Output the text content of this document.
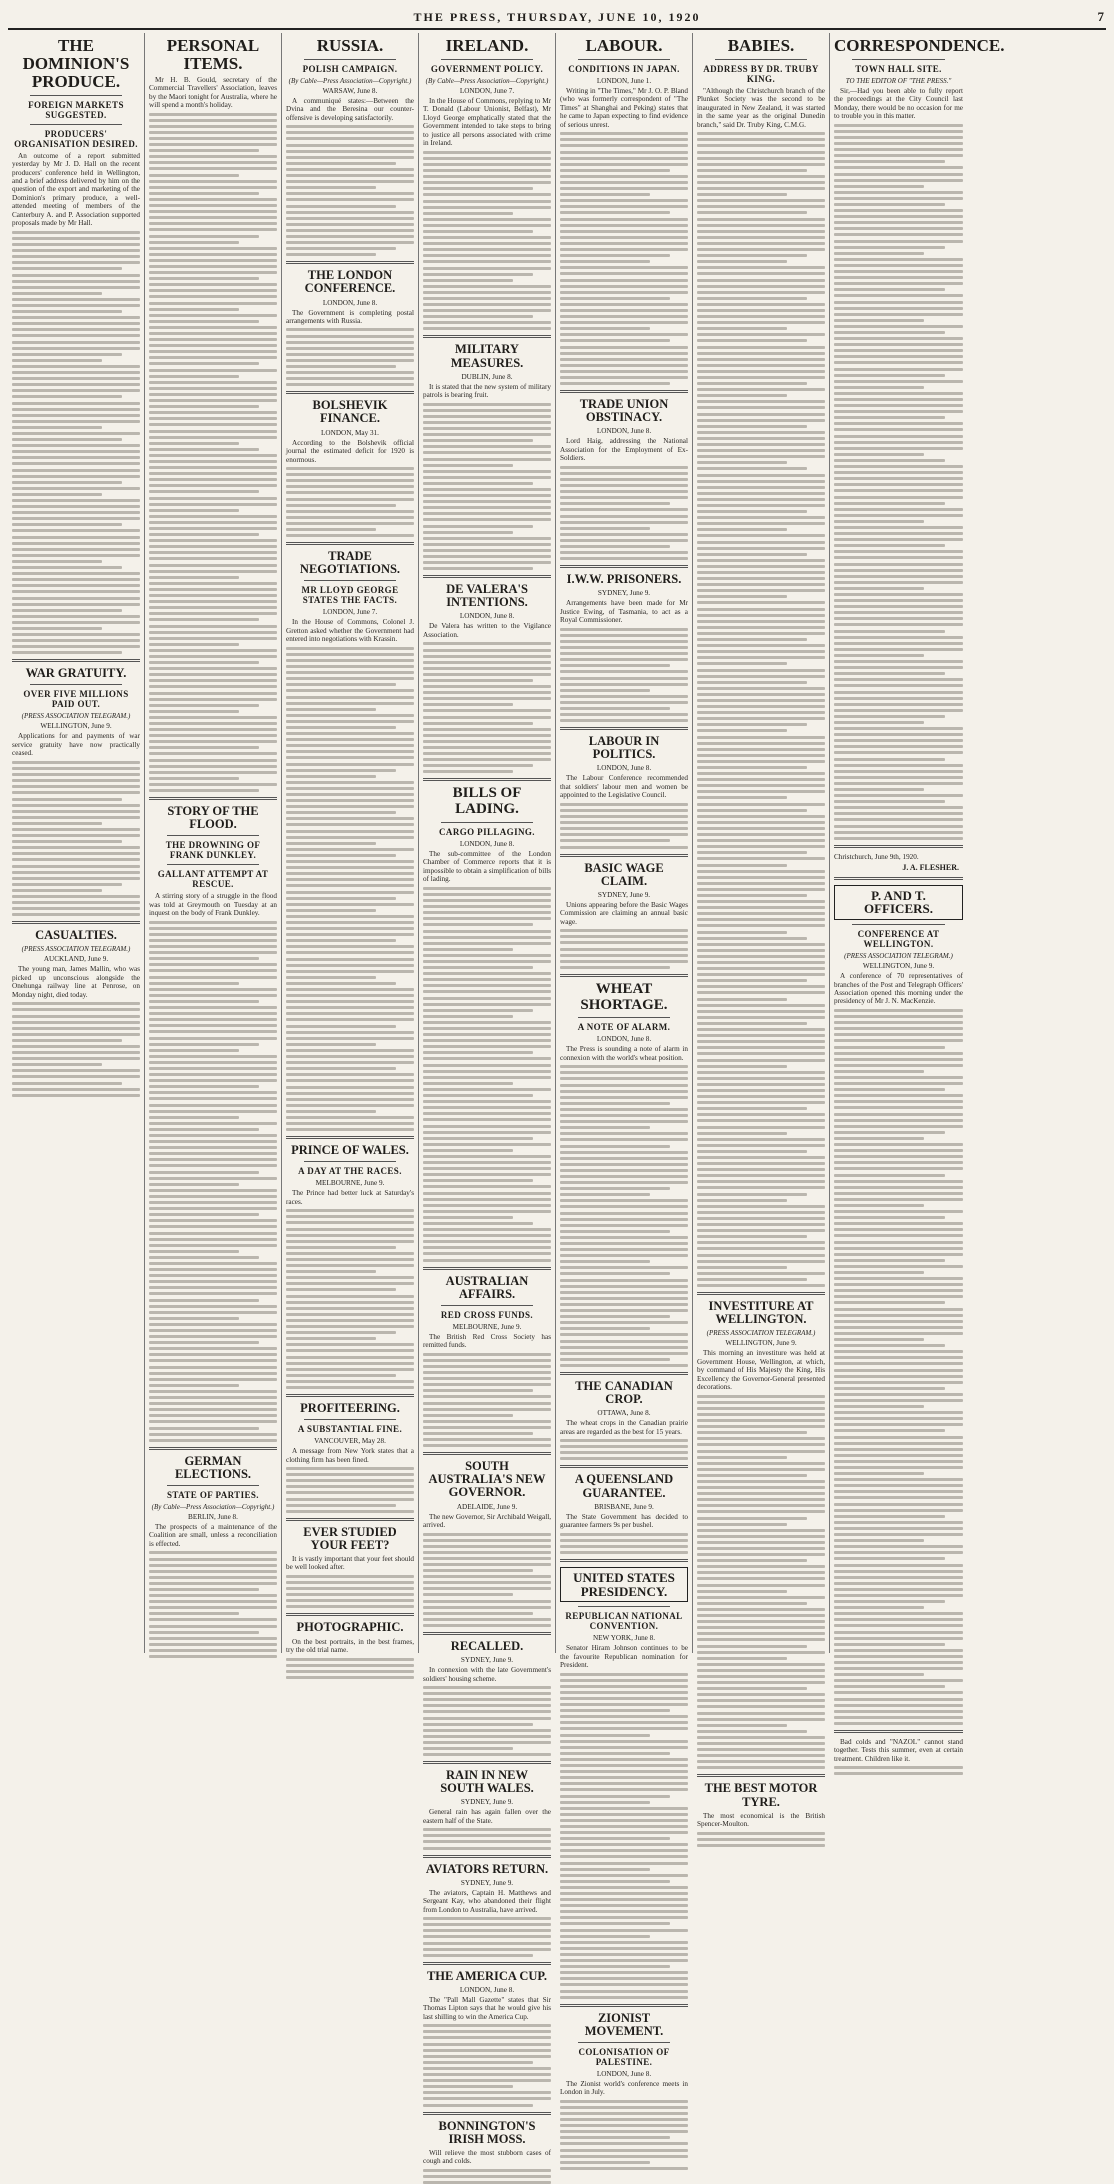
THE PRESS, THURSDAY, JUNE 10, 1920	7
THE DOMINION'S PRODUCE.
FOREIGN MARKETS SUGGESTED.
PRODUCERS' ORGANISATION DESIRED.

An outcome of a report submitted yesterday by Mr J. D. Hall on the recent producers' conference held in Wellington, and a brief address delivered by him on the question of the export and marketing of the Dominion's primary produce, a well-attended meeting of members of the Canterbury A. and P. Association supported proposals made by Mr Hall.

WAR GRATUITY.
OVER FIVE MILLIONS PAID OUT.
(PRESS ASSOCIATION TELEGRAM.)
WELLINGTON, June 9.

Applications for and payments of war service gratuity have now practically ceased.

CASUALTIES.
(PRESS ASSOCIATION TELEGRAM.)
AUCKLAND, June 9.

The young man, James Mallin, who was picked up unconscious alongside the Onehunga railway line at Penrose, on Monday night, died today.

PERSONAL ITEMS.

Mr H. B. Gould, secretary of the Commercial Travellers' Association, leaves by the Maori tonight for Australia, where he will spend a month's holiday.

STORY OF THE FLOOD.
THE DROWNING OF FRANK DUNKLEY.
GALLANT ATTEMPT AT RESCUE.

A stirring story of a struggle in the flood was told at Greymouth on Tuesday at an inquest on the body of Frank Dunkley.

GERMAN ELECTIONS.
STATE OF PARTIES.
(By Cable—Press Association—Copyright.)
BERLIN, June 8.

The prospects of a maintenance of the Coalition are small, unless a reconciliation is effected.

RUSSIA.
POLISH CAMPAIGN.
(By Cable—Press Association—Copyright.)
WARSAW, June 8.

A communiqué states:—Between the Dvina and the Beresina our counter-offensive is developing satisfactorily.

THE LONDON CONFERENCE.
LONDON, June 8.

The Government is completing postal arrangements with Russia.

BOLSHEVIK FINANCE.
LONDON, May 31.

According to the Bolshevik official journal the estimated deficit for 1920 is enormous.

TRADE NEGOTIATIONS.
MR LLOYD GEORGE STATES THE FACTS.
LONDON, June 7.

In the House of Commons, Colonel J. Gretton asked whether the Government had entered into negotiations with Krassin.

PRINCE OF WALES.
A DAY AT THE RACES.
MELBOURNE, June 9.

The Prince had better luck at Saturday's races.

PROFITEERING.
A SUBSTANTIAL FINE.
VANCOUVER, May 28.

A message from New York states that a clothing firm has been fined.

EVER STUDIED YOUR FEET?

It is vastly important that your feet should be well looked after.

PHOTOGRAPHIC.

On the best portraits, in the best frames, try the old trial name.

IRELAND.
GOVERNMENT POLICY.
(By Cable—Press Association—Copyright.)
LONDON, June 7.

In the House of Commons, replying to Mr T. Donald (Labour Unionist, Belfast), Mr Lloyd George emphatically stated that the Government intended to take steps to bring to justice all persons associated with crime in Ireland.

MILITARY MEASURES.
DUBLIN, June 8.

It is stated that the new system of military patrols is bearing fruit.

DE VALERA'S INTENTIONS.
LONDON, June 8.

De Valera has written to the Vigilance Association.

BILLS OF LADING.
CARGO PILLAGING.
LONDON, June 8.

The sub-committee of the London Chamber of Commerce reports that it is impossible to obtain a simplification of bills of lading.

AUSTRALIAN AFFAIRS.
RED CROSS FUNDS.
MELBOURNE, June 9.

The British Red Cross Society has remitted funds.

SOUTH AUSTRALIA'S NEW GOVERNOR.
ADELAIDE, June 9.

The new Governor, Sir Archibald Weigall, arrived.

RECALLED.
SYDNEY, June 9.

In connexion with the late Government's soldiers' housing scheme.

RAIN IN NEW SOUTH WALES.
SYDNEY, June 9.

General rain has again fallen over the eastern half of the State.

AVIATORS RETURN.
SYDNEY, June 9.

The aviators, Captain H. Matthews and Sergeant Kay, who abandoned their flight from London to Australia, have arrived.

THE AMERICA CUP.
LONDON, June 8.

The "Pall Mall Gazette" states that Sir Thomas Lipton says that he would give his last shilling to win the America Cup.

BONNINGTON'S IRISH MOSS.

Will relieve the most stubborn cases of cough and colds.

LABOUR.
CONDITIONS IN JAPAN.
LONDON, June 1.

Writing in "The Times," Mr J. O. P. Bland (who was formerly correspondent of "The Times" at Shanghai and Peking) states that he came to Japan expecting to find evidence of serious unrest.

TRADE UNION OBSTINACY.
LONDON, June 8.

Lord Haig, addressing the National Association for the Employment of Ex-Soldiers.

I.W.W. PRISONERS.
SYDNEY, June 9.

Arrangements have been made for Mr Justice Ewing, of Tasmania, to act as a Royal Commissioner.

LABOUR IN POLITICS.
LONDON, June 8.

The Labour Conference recommended that soldiers' labour men and women be appointed to the Legislative Council.

BASIC WAGE CLAIM.
SYDNEY, June 9.

Unions appearing before the Basic Wages Commission are claiming an annual basic wage.

WHEAT SHORTAGE.
A NOTE OF ALARM.
LONDON, June 8.

The Press is sounding a note of alarm in connexion with the world's wheat position.

THE CANADIAN CROP.
OTTAWA, June 8.

The wheat crops in the Canadian prairie areas are regarded as the best for 15 years.

A QUEENSLAND GUARANTEE.
BRISBANE, June 9.

The State Government has decided to guarantee farmers 9s per bushel.

UNITED STATES PRESIDENCY.
REPUBLICAN NATIONAL CONVENTION.
NEW YORK, June 8.

Senator Hiram Johnson continues to be the favourite Republican nomination for President.

ZIONIST MOVEMENT.
COLONISATION OF PALESTINE.
LONDON, June 8.

The Zionist world's conference meets in London in July.

BABIES.
ADDRESS BY DR. TRUBY KING.

"Although the Christchurch branch of the Plunket Society was the second to be inaugurated in New Zealand, it was started in the same year as the original Dunedin branch," said Dr. Truby King, C.M.G.

INVESTITURE AT WELLINGTON.
(PRESS ASSOCIATION TELEGRAM.)
WELLINGTON, June 9.

This morning an investiture was held at Government House, Wellington, at which, by command of His Majesty the King, His Excellency the Governor-General presented decorations.

THE BEST MOTOR TYRE.

The most economical is the British Spencer-Moulton.

CORRESPONDENCE.
TOWN HALL SITE.
TO THE EDITOR OF "THE PRESS."

Sir,—Had you been able to fully report the proceedings at the City Council last Monday, there would be no occasion for me to trouble you in this matter.

Christchurch, June 9th, 1920.
J. A. FLESHER.
P. AND T. OFFICERS.
CONFERENCE AT WELLINGTON.
(PRESS ASSOCIATION TELEGRAM.)
WELLINGTON, June 9.

A conference of 70 representatives of branches of the Post and Telegraph Officers' Association opened this morning under the presidency of Mr J. N. MacKenzie.

Bad colds and "NAZOL" cannot stand together. Tests this summer, even at certain treatment. Children like it.
